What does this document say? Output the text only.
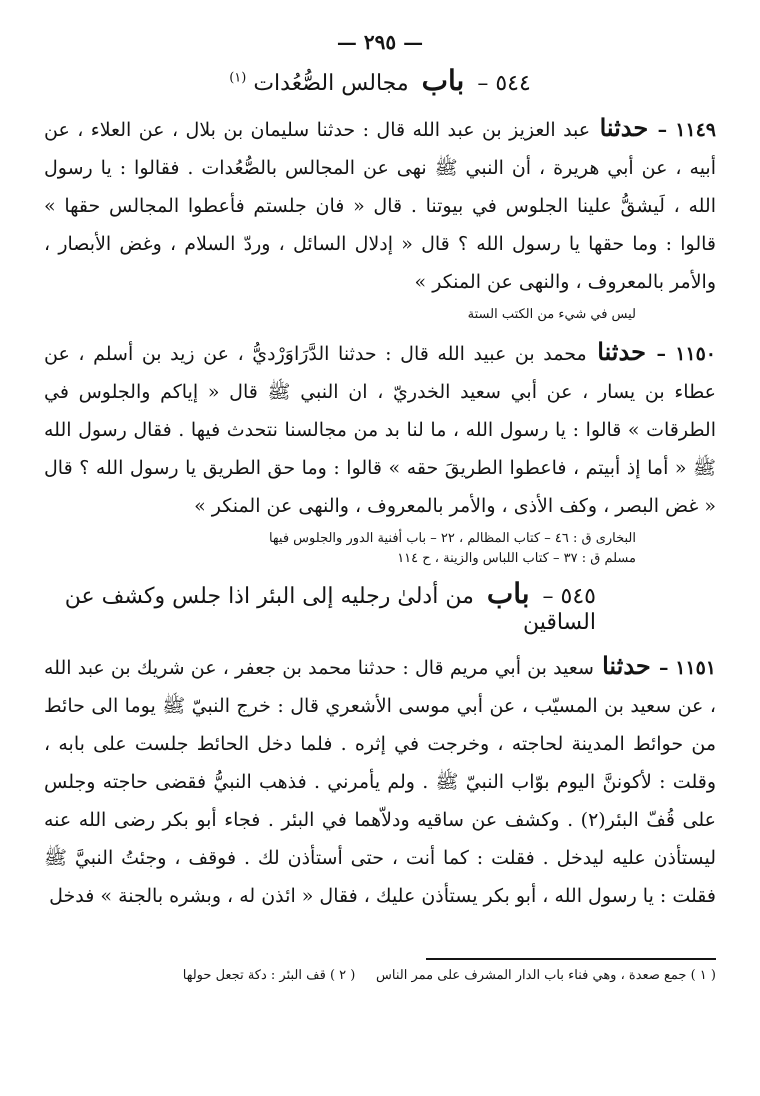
— ٢٩٥ —
٥٤٤ – باب مجالس الصُّعُدات $^{(١)}$
١١٤٩ – حدثنا عبد العزيز بن عبد الله قال : حدثنا سليمان بن بلال ، عن العلاء ، عن أبيه ، عن أبي هريرة ، أن النبي ﷺ نهى عن المجالس بالصُّعُدات . فقالوا : يا رسول الله ، لَيشقُّ علينا الجلوس في بيوتنا . قال « فان جلستم فأعطوا المجالس حقها » قالوا : وما حقها يا رسول الله ؟ قال « إدلال السائل ، وردّ السلام ، وغض الأبصار ، والأمر بالمعروف ، والنهى عن المنكر »
ليس في شيء من الكتب الستة
١١٥٠ – حدثنا محمد بن عبيد الله قال : حدثنا الدَّرَاوَرْديُّ ، عن زيد بن أسلم ، عن عطاء بن يسار ، عن أبي سعيد الخدريّ ، ان النبي ﷺ قال « إياكم والجلوس في الطرقات » قالوا : يا رسول الله ، ما لنا بد من مجالسنا نتحدث فيها . فقال رسول الله ﷺ « أما إذ أبيتم ، فاعطوا الطريقَ حقه » قالوا : وما حق الطريق يا رسول الله ؟ قال « غض البصر ، وكف الأذى ، والأمر بالمعروف ، والنهى عن المنكر »
البخارى ق : ٤٦ – كتاب المظالم ، ٢٢ – باب أفنية الدور والجلوس فيها
مسلم ق : ٣٧ – كتاب اللباس والزينة ، ح ١١٤
٥٤٥ – باب من أدلىٰ رجليه إلى البئر اذا جلس وكشف عن الساقين
١١٥١ – حدثنا سعيد بن أبي مريم قال : حدثنا محمد بن جعفر ، عن شريك بن عبد الله ، عن سعيد بن المسيّب ، عن أبي موسى الأشعري قال : خرج النبيّ ﷺ يوما الى حائط من حوائط المدينة لحاجته ، وخرجت في إثره . فلما دخل الحائط جلست على بابه ، وقلت : لأكوننَّ اليوم بوّاب النبيّ ﷺ . ولم يأمرني . فذهب النبيُّ فقضى حاجته وجلس على قُفّ البئر(٢) . وكشف عن ساقيه ودلاّهما في البئر . فجاء أبو بكر رضى الله عنه ليستأذن عليه ليدخل . فقلت : كما أنت ، حتى أستأذن لك . فوقف ، وجئتُ النبيَّ ﷺ فقلت : يا رسول الله ، أبو بكر يستأذن عليك ، فقال « ائذن له ، وبشره بالجنة » فدخل
( ١ ) جمع صعدة ، وهي فناء باب الدار المشرف على ممر الناس     ( ٢ ) قف البئر : دكة تجعل حولها
